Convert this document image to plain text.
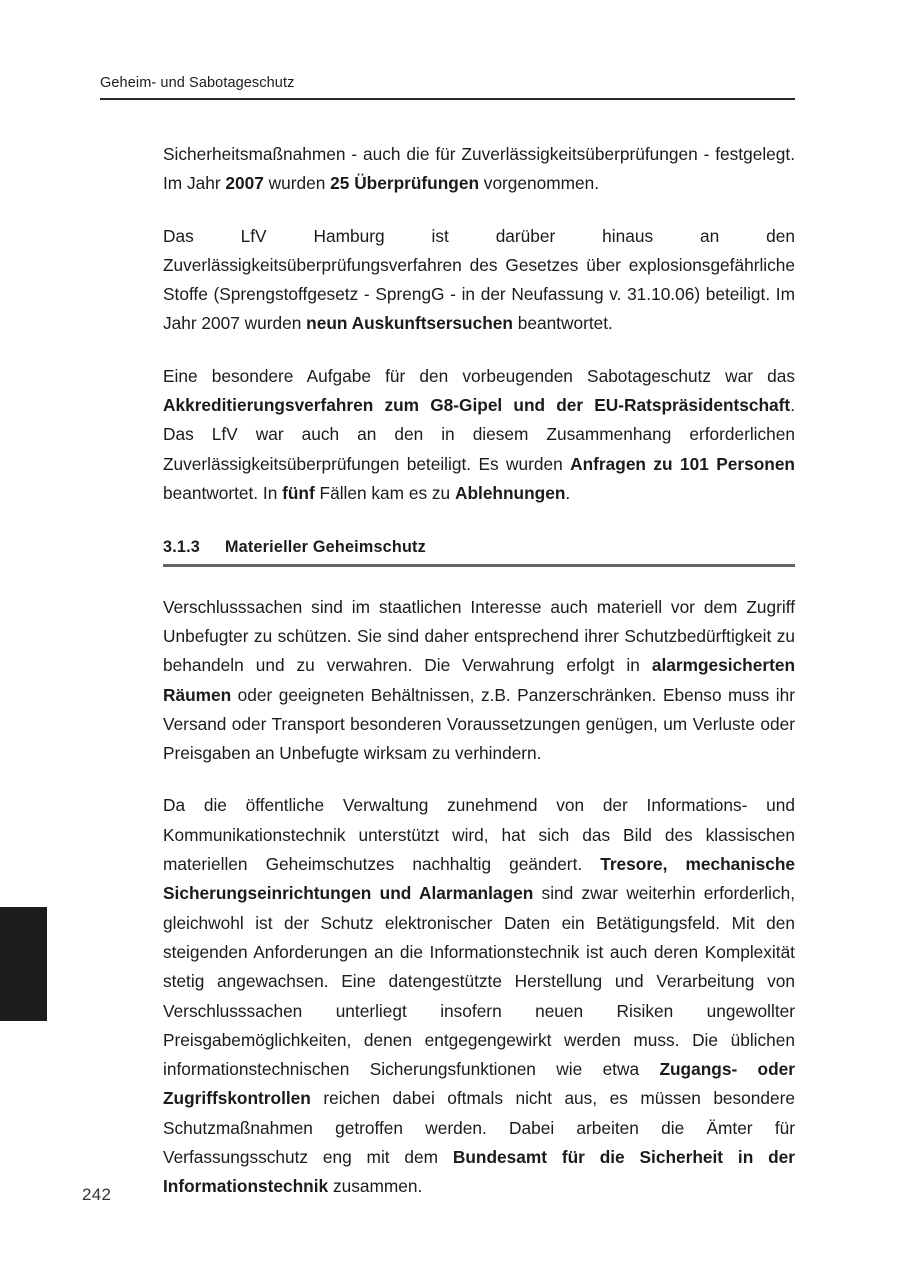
Geheim- und Sabotageschutz

Sicherheitsmaßnahmen - auch die für Zuverlässigkeitsüberprüfungen - festgelegt. Im Jahr 2007 wurden 25 Überprüfungen vorgenommen.

Das LfV Hamburg ist darüber hinaus an den Zuverlässigkeitsüberprüfungsverfahren des Gesetzes über explosionsgefährliche Stoffe (Sprengstoffgesetz - SprengG - in der Neufassung v. 31.10.06) beteiligt. Im Jahr 2007 wurden neun Auskunftsersuchen beantwortet.

Eine besondere Aufgabe für den vorbeugenden Sabotageschutz war das Akkreditierungsverfahren zum G8-Gipel und der EU-Ratspräsidentschaft. Das LfV war auch an den in diesem Zusammenhang erforderlichen Zuverlässigkeitsüberprüfungen beteiligt. Es wurden Anfragen zu 101 Personen beantwortet. In fünf Fällen kam es zu Ablehnungen.

3.1.3	Materieller Geheimschutz

Verschlusssachen sind im staatlichen Interesse auch materiell vor dem Zugriff Unbefugter zu schützen. Sie sind daher entsprechend ihrer Schutzbedürftigkeit zu behandeln und zu verwahren. Die Verwahrung erfolgt in alarmgesicherten Räumen oder geeigneten Behältnissen, z.B. Panzerschränken. Ebenso muss ihr Versand oder Transport besonderen Voraussetzungen genügen, um Verluste oder Preisgaben an Unbefugte wirksam zu verhindern.

Da die öffentliche Verwaltung zunehmend von der Informations- und Kommunikationstechnik unterstützt wird, hat sich das Bild des klassischen materiellen Geheimschutzes nachhaltig geändert. Tresore, mechanische Sicherungseinrichtungen und Alarmanlagen sind zwar weiterhin erforderlich, gleichwohl ist der Schutz elektronischer Daten ein Betätigungsfeld. Mit den steigenden Anforderungen an die Informationstechnik ist auch deren Komplexität stetig angewachsen. Eine datengestützte Herstellung und Verarbeitung von Verschlusssachen unterliegt insofern neuen Risiken ungewollter Preisgabemöglichkeiten, denen entgegengewirkt werden muss. Die üblichen informationstechnischen Sicherungsfunktionen wie etwa Zugangs- oder Zugriffskontrollen reichen dabei oftmals nicht aus, es müssen besondere Schutzmaßnahmen getroffen werden. Dabei arbeiten die Ämter für Verfassungsschutz eng mit dem Bundesamt für die Sicherheit in der Informationstechnik zusammen.

242
